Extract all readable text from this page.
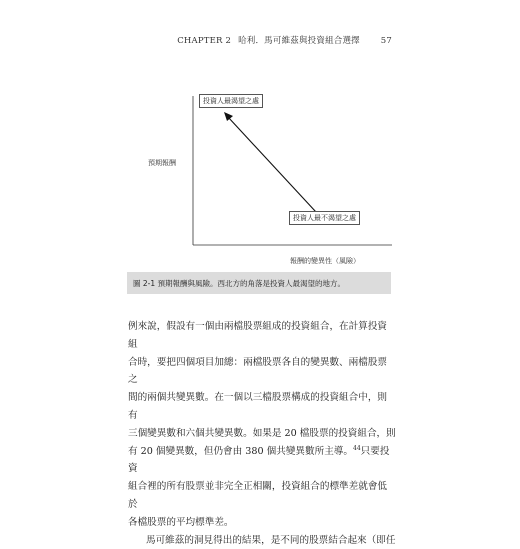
CHAPTER 2 哈利．馬可維茲與投資組合選擇 57
預期報酬
報酬的變異性（風險）
投資人最渴望之處
投資人最不渴望之處
圖 2-1 預期報酬與風險。西北方的角落是投資人最渴望的地方。

例來說，假設有一個由兩檔股票組成的投資組合，在計算投資組

合時，要把四個項目加總：兩檔股票各自的變異數、兩檔股票之

間的兩個共變異數。在一個以三檔股票構成的投資組合中，則有

三個變異數和六個共變異數。如果是 20 檔股票的投資組合，則

有 20 個變異數，但仍會由 380 個共變異數所主導。$^{44}$只要投資

組合裡的所有股票並非完全正相關，投資組合的標準差就會低於

各檔股票的平均標準差。

馬可維茲的洞見得出的結果，是不同的股票結合起來（即任
